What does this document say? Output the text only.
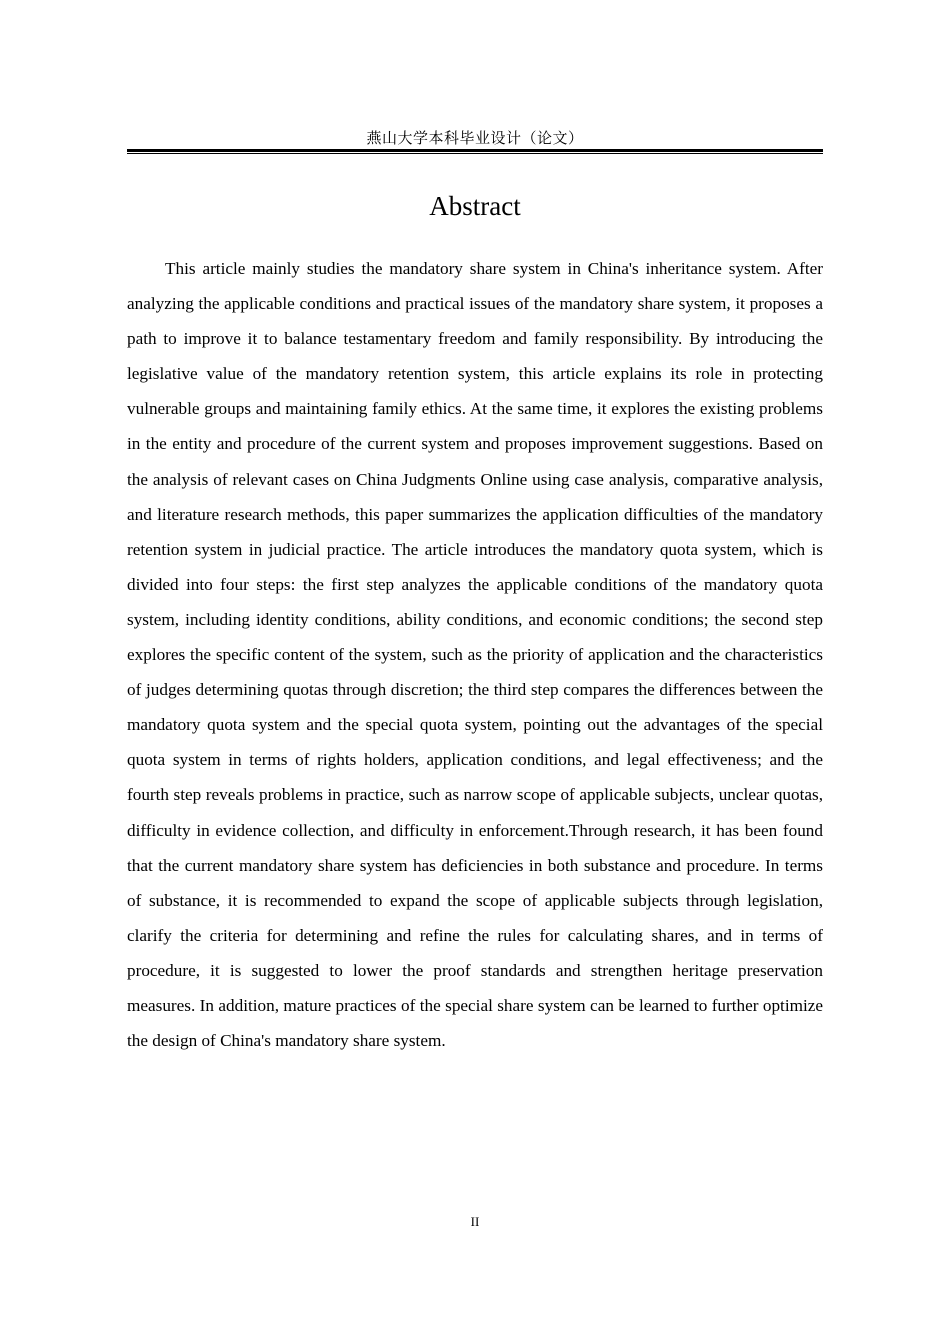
燕山大学本科毕业设计（论文）
Abstract

This article mainly studies the mandatory share system in China's inheritance system. After analyzing the applicable conditions and practical issues of the mandatory share system, it proposes a path to improve it to balance testamentary freedom and family responsibility. By introducing the legislative value of the mandatory retention system, this article explains its role in protecting vulnerable groups and maintaining family ethics. At the same time, it explores the existing problems in the entity and procedure of the current system and proposes improvement suggestions. Based on the analysis of relevant cases on China Judgments Online using case analysis, comparative analysis, and literature research methods, this paper summarizes the application difficulties of the mandatory retention system in judicial practice. The article introduces the mandatory quota system, which is divided into four steps: the first step analyzes the applicable conditions of the mandatory quota system, including identity conditions, ability conditions, and economic conditions; the second step explores the specific content of the system, such as the priority of application and the characteristics of judges determining quotas through discretion; the third step compares the differences between the mandatory quota system and the special quota system, pointing out the advantages of the special quota system in terms of rights holders, application conditions, and legal effectiveness; and the fourth step reveals problems in practice, such as narrow scope of applicable subjects, unclear quotas, difficulty in evidence collection, and difficulty in enforcement.Through research, it has been found that the current mandatory share system has deficiencies in both substance and procedure. In terms of substance, it is recommended to expand the scope of applicable subjects through legislation, clarify the criteria for determining and refine the rules for calculating shares, and in terms of procedure, it is suggested to lower the proof standards and strengthen heritage preservation measures. In addition, mature practices of the special share system can be learned to further optimize the design of China's mandatory share system.

II
